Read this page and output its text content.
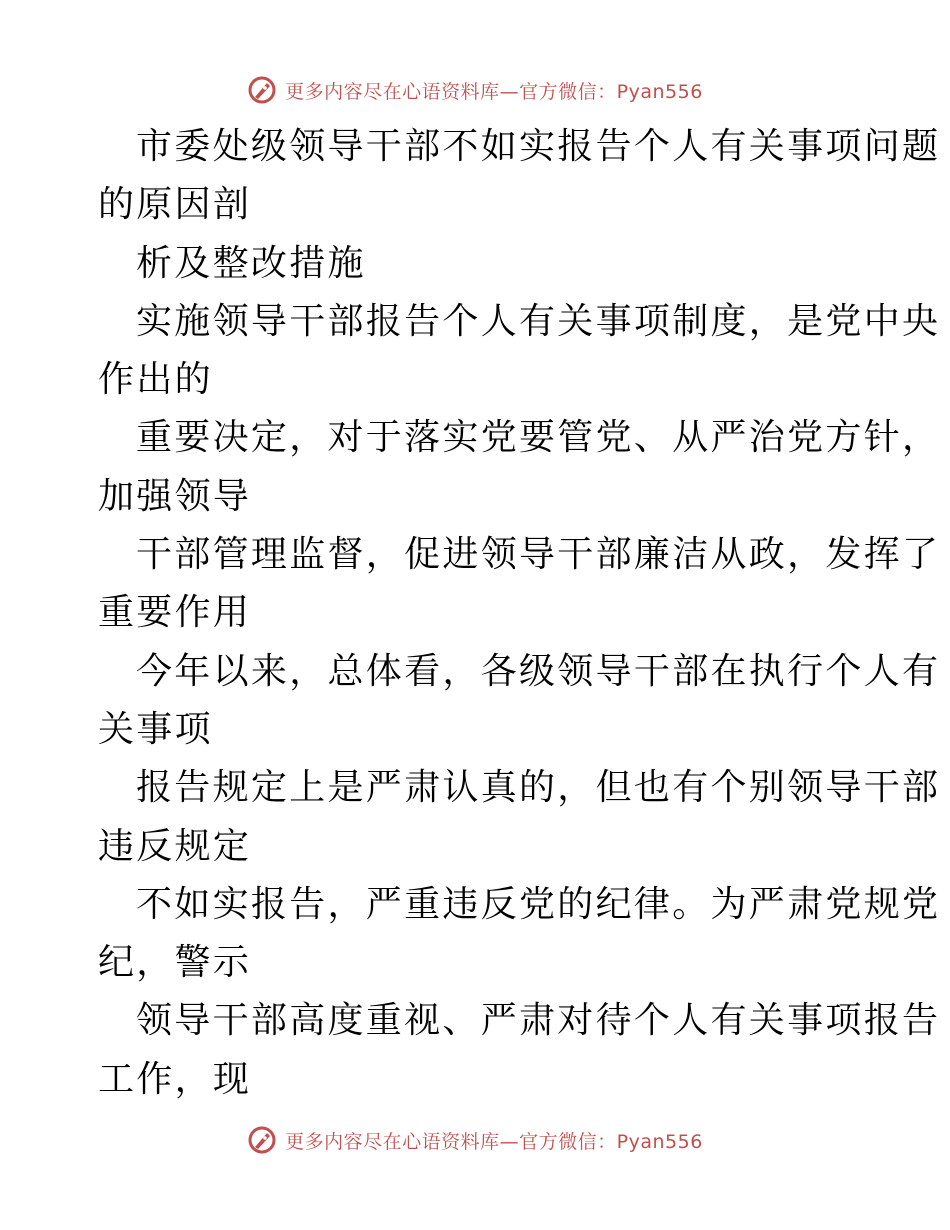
更多内容尽在心语资料库—官方微信：Pyan556
市委处级领导干部不如实报告个人有关事项问题
的原因剖
析及整改措施
实施领导干部报告个人有关事项制度，是党中央
作出的
重要决定，对于落实党要管党、从严治党方针，
加强领导
干部管理监督，促进领导干部廉洁从政，发挥了
重要作用
今年以来，总体看，各级领导干部在执行个人有
关事项
报告规定上是严肃认真的，但也有个别领导干部
违反规定
不如实报告，严重违反党的纪律。为严肃党规党
纪，警示
领导干部高度重视、严肃对待个人有关事项报告
工作，现
更多内容尽在心语资料库—官方微信：Pyan556
